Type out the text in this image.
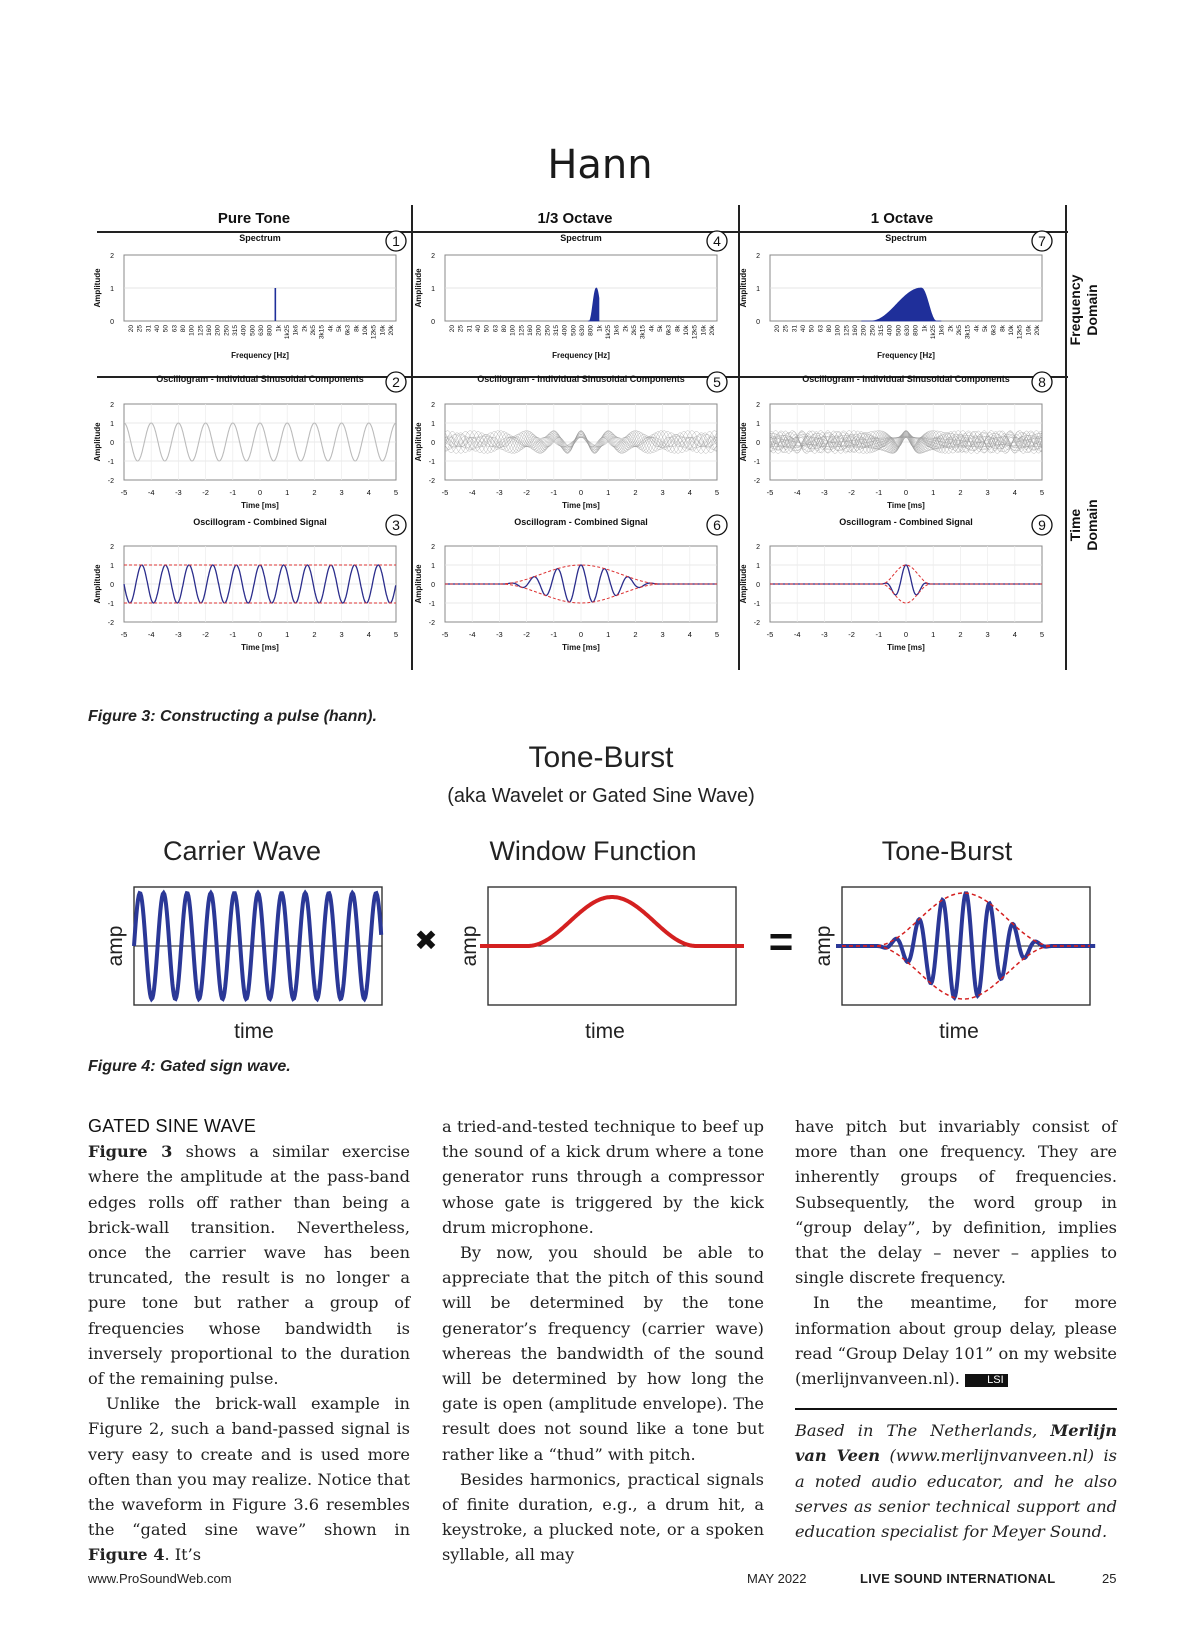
Hann
Pure Tone	1/3 Octave	1 Octave
Frequency Domain
Time Domain
Spectrum	1
Amplitude
2
1
0
20 25 31 40 50 63 80 100 125 160 200 250 315 400 500 630 800 1k 1k25 1k6 2k 2k5 3k15 4k 5k 6k3 8k 10k 12k5 16k 20k
Frequency [Hz]
Oscillogram - Individual Sinusoidal Components 2
Amplitude
2
1
0
-1
-2
-5	-4	-3	-2	-1	0	1	2	3	4	5
Time [ms]
Oscillogram - Combined Signal	3
Amplitude
2
1
0
-1
-2
-5	-4	-3	-2	-1	0	1	2	3	4	5
Time [ms]
Spectrum	4
Amplitude
2
1
0
20 25 31 40 50 63 80 100 125 160 200 250 315 400 500 630 800 1k 1k25 1k6 2k 2k5 3k15 4k 5k 6k3 8k 10k 12k5 16k 20k
Frequency [Hz]
Oscillogram - Individual Sinusoidal Components 5
Amplitude
2
1
0
-1
-2
-5	-4	-3	-2	-1	0	1	2	3	4	5
Time [ms]
Oscillogram - Combined Signal	6
Amplitude
2
1
0
-1
-2
-5	-4	-3	-2	-1	0	1	2	3	4	5
Time [ms]
Spectrum	7
Amplitude
2
1
0
20 25 31 40 50 63 80 100 125 160 200 250 315 400 500 630 800 1k 1k25 1k6 2k 2k5 3k15 4k 5k 6k3 8k 10k 12k5 16k 20k
Frequency [Hz]
Oscillogram - Individual Sinusoidal Components 8
Amplitude
2
1
0
-1
-2
-5	-4	-3	-2	-1	0	1	2	3	4	5
Time [ms]
Oscillogram - Combined Signal	9
Amplitude
2
1
0
-1
-2
-5	-4	-3	-2	-1	0	1	2	3	4	5
Time [ms]
Figure 3: Constructing a pulse (hann).
Tone-Burst
(aka Wavelet or Gated Sine Wave)
Carrier Wave
amp
time
Window Function
amp
time
Tone-Burst
amp
time
✖	=
Figure 4: Gated sign wave.
GATED SINE WAVE

Figure 3 shows a similar exercise where the amplitude at the pass-band edges rolls off rather than being a brick-wall transition. Nevertheless, once the carrier wave has been truncated, the result is no longer a pure tone but rather a group of frequencies whose bandwidth is inversely proportional to the duration of the remaining pulse.

Unlike the brick-wall example in Figure 2, such a band-passed signal is very easy to create and is used more often than you may realize. Notice that the waveform in Figure 3.6 resembles the “gated sine wave” shown in Figure 4. It’s

a tried-and-tested technique to beef up the sound of a kick drum where a tone generator runs through a compressor whose gate is triggered by the kick drum microphone.

By now, you should be able to appreciate that the pitch of this sound will be determined by the tone generator’s frequency (carrier wave) whereas the bandwidth of the sound will be determined by how long the gate is open (amplitude envelope). The result does not sound like a tone but rather like a “thud” with pitch.

Besides harmonics, practical signals of finite duration, e.g., a drum hit, a keystroke, a plucked note, or a spoken syllable, all may

have pitch but invariably consist of more than one frequency. They are inherently groups of frequencies. Subsequently, the word group in “group delay”, by definition, implies that the delay – never – applies to single discrete frequency.

In the meantime, for more information about group delay, please read “Group Delay 101” on my website (merlijnvanveen.nl). LSI

Based in The Netherlands, Merlijn van Veen (www.merlijnvanveen.nl) is a noted audio educator, and he also serves as senior technical support and education specialist for Meyer Sound.

www.ProSoundWeb.com	MAY 2022	LIVE SOUND INTERNATIONAL	25
